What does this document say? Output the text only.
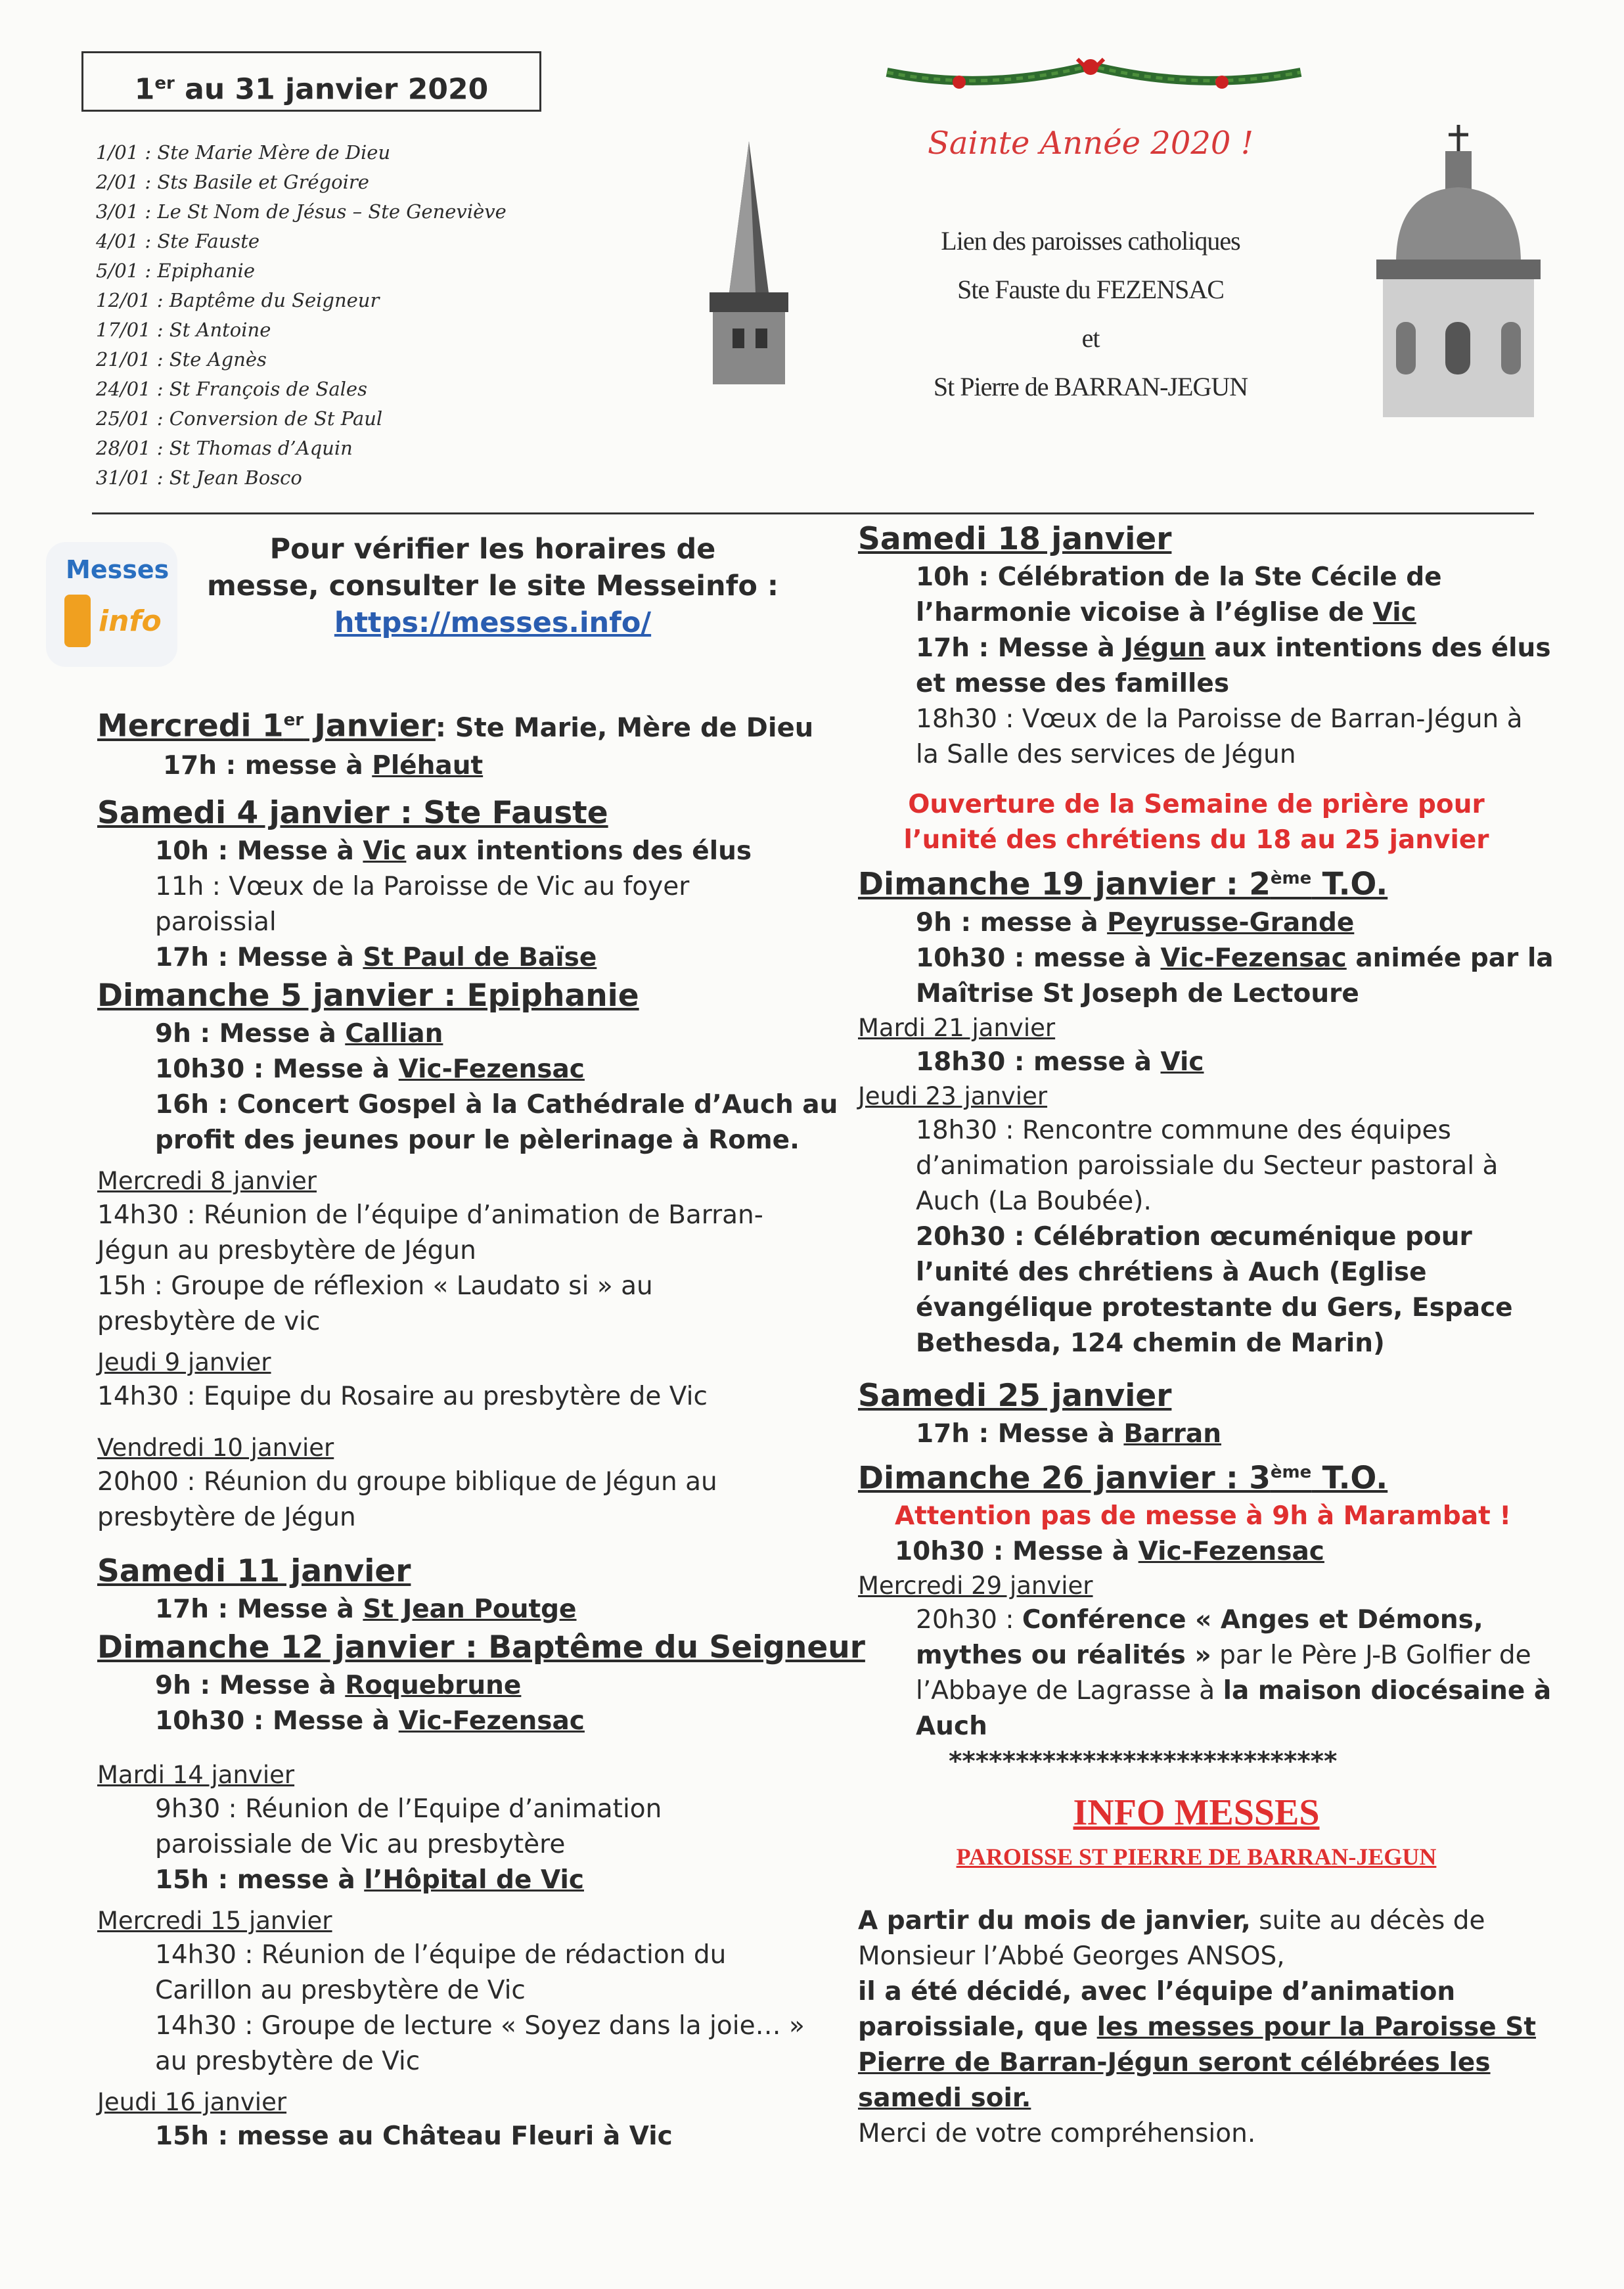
1er au 31 janvier 2020
1/01 : Ste Marie Mère de Dieu
2/01 : Sts Basile et Grégoire
3/01 : Le St Nom de Jésus – Ste Geneviève
4/01 : Ste Fauste
5/01 : Epiphanie
12/01 : Baptême du Seigneur
17/01 : St Antoine
21/01 : Ste Agnès
24/01 : St François de Sales
25/01 : Conversion de St Paul
28/01 : St Thomas d’Aquin
31/01 : St Jean Bosco
Sainte Année 2020 !
Lien des paroisses catholiques
Ste Fauste du FEZENSAC
et
St Pierre de BARRAN-JEGUN
Messes
info
Pour vérifier les horaires de
messe, consulter le site Messeinfo :
https://messes.info/
Mercredi 1er Janvier: Ste Marie, Mère de Dieu
17h : messe à Pléhaut
Samedi 4 janvier : Ste Fauste
10h : Messe à Vic aux intentions des élus
11h : Vœux de la Paroisse de Vic au foyer
paroissial
17h : Messe à St Paul de Baïse
Dimanche 5 janvier : Epiphanie
9h : Messe à Callian
10h30 : Messe à Vic-Fezensac
16h : Concert Gospel à la Cathédrale d’Auch au
profit des jeunes pour le pèlerinage à Rome.
Mercredi 8 janvier
14h30 : Réunion de l’équipe d’animation de Barran-
Jégun au presbytère de Jégun
15h : Groupe de réflexion « Laudato si » au
presbytère de vic
Jeudi 9 janvier
14h30 : Equipe du Rosaire au presbytère de Vic
Vendredi 10 janvier
20h00 : Réunion du groupe biblique de Jégun au
presbytère de Jégun
Samedi 11 janvier
17h : Messe à St Jean Poutge
Dimanche 12 janvier : Baptême du Seigneur
9h : Messe à Roquebrune
10h30 : Messe à Vic-Fezensac
Mardi 14 janvier
9h30 : Réunion de l’Equipe d’animation
paroissiale de Vic au presbytère
15h : messe à l’Hôpital de Vic
Mercredi 15 janvier
14h30 : Réunion de l’équipe de rédaction du
Carillon au presbytère de Vic
14h30 : Groupe de lecture « Soyez dans la joie… »
au presbytère de Vic
Jeudi 16 janvier
15h : messe au Château Fleuri à Vic
Samedi 18 janvier
10h : Célébration de la Ste Cécile de
l’harmonie vicoise à l’église de Vic
17h : Messe à Jégun aux intentions des élus
et messe des familles
18h30 : Vœux de la Paroisse de Barran-Jégun à
la Salle des services de Jégun
Ouverture de la Semaine de prière pour
l’unité des chrétiens du 18 au 25 janvier
Dimanche 19 janvier : 2ème T.O.
9h : messe à Peyrusse-Grande
10h30 : messe à Vic-Fezensac animée par la
Maîtrise St Joseph de Lectoure
Mardi 21 janvier
18h30 : messe à Vic
Jeudi 23 janvier
18h30 : Rencontre commune des équipes
d’animation paroissiale du Secteur pastoral à
Auch (La Boubée).
20h30 : Célébration œcuménique pour
l’unité des chrétiens à Auch (Eglise
évangélique protestante du Gers, Espace
Bethesda, 124 chemin de Marin)
Samedi 25 janvier
17h : Messe à Barran
Dimanche 26 janvier : 3ème T.O.
Attention pas de messe à 9h à Marambat !
10h30 : Messe à Vic-Fezensac
Mercredi 29 janvier
20h30 : Conférence « Anges et Démons,
mythes ou réalités » par le Père J-B Golfier de
l’Abbaye de Lagrasse à la maison diocésaine à
Auch
*****************************
INFO MESSES
PAROISSE ST PIERRE DE BARRAN-JEGUN
A partir du mois de janvier, suite au décès de
Monsieur l’Abbé Georges ANSOS,
il a été décidé, avec l’équipe d’animation
paroissiale, que les messes pour la Paroisse St
Pierre de Barran-Jégun seront célébrées les
samedi soir.
Merci de votre compréhension.
